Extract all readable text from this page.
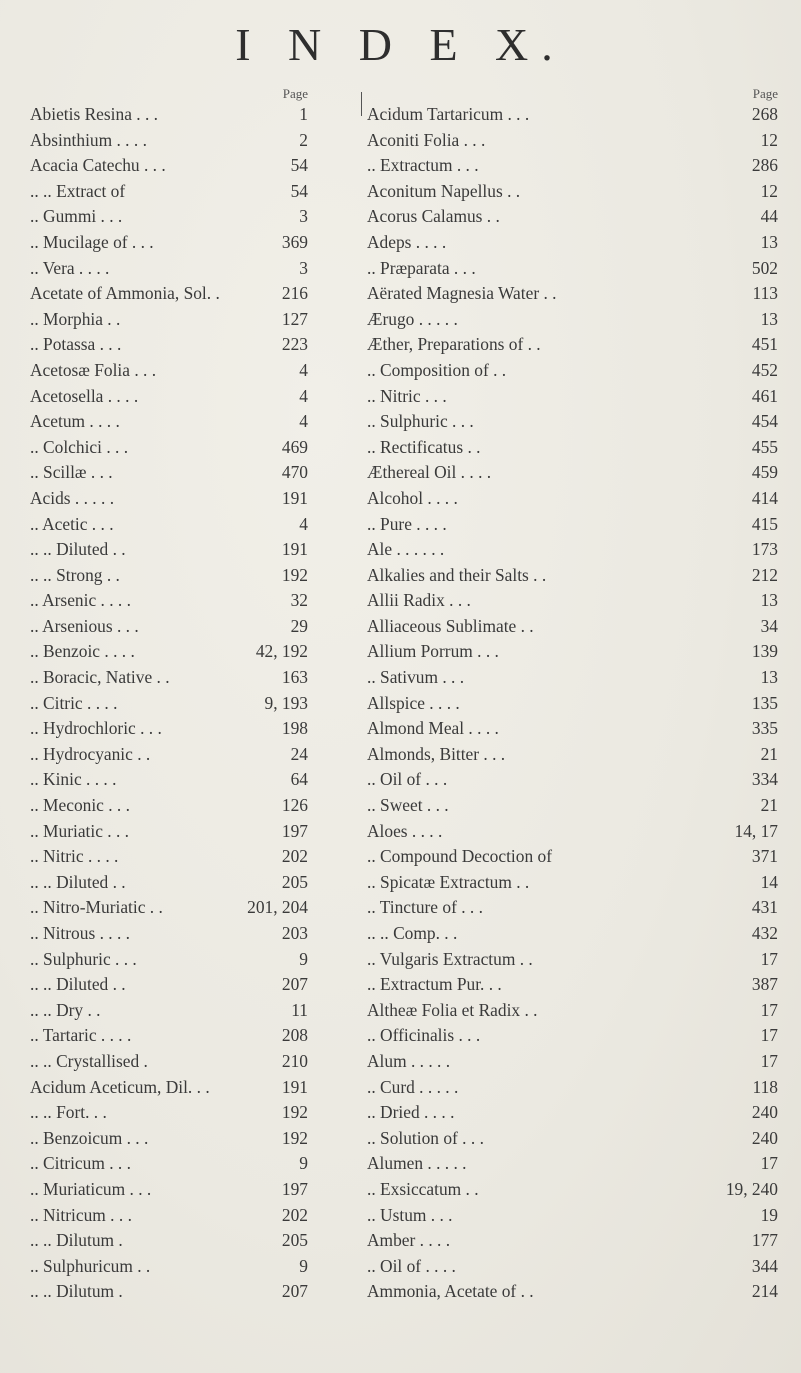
I N D E X.
Page
Abietis Resina . . .	1
Absinthium . . . .	2
Acacia Catechu . . .	54
.. .. Extract of	54
.. Gummi . . .	3
.. Mucilage of . . .	369
.. Vera . . . .	3
Acetate of Ammonia, Sol. .	216
.. Morphia . .	127
.. Potassa . . .	223
Acetosæ Folia . . .	4
Acetosella . . . .	4
Acetum . . . .	4
.. Colchici . . .	469
.. Scillæ . . .	470
Acids . . . . .	191
.. Acetic . . .	4
.. .. Diluted . .	191
.. .. Strong . .	192
.. Arsenic . . . .	32
.. Arsenious . . .	29
.. Benzoic . . . .	42, 192
.. Boracic, Native . .	163
.. Citric . . . .	9, 193
.. Hydrochloric . . .	198
.. Hydrocyanic . .	24
.. Kinic . . . .	64
.. Meconic . . .	126
.. Muriatic . . .	197
.. Nitric . . . .	202
.. .. Diluted . .	205
.. Nitro-Muriatic . .	201, 204
.. Nitrous . . . .	203
.. Sulphuric . . .	9
.. .. Diluted . .	207
.. .. Dry . .	11
.. Tartaric . . . .	208
.. .. Crystallised .	210
Acidum Aceticum, Dil. . .	191
.. .. Fort. . .	192
.. Benzoicum . . .	192
.. Citricum . . .	9
.. Muriaticum . . .	197
.. Nitricum . . .	202
.. .. Dilutum .	205
.. Sulphuricum . .	9
.. .. Dilutum .	207
Page
Acidum Tartaricum . . .	268
Aconiti Folia . . .	12
.. Extractum . . .	286
Aconitum Napellus . .	12
Acorus Calamus . .	44
Adeps . . . .	13
.. Præparata . . .	502
Aërated Magnesia Water . .	113
Ærugo . . . . .	13
Æther, Preparations of . .	451
.. Composition of . .	452
.. Nitric . . .	461
.. Sulphuric . . .	454
.. Rectificatus . .	455
Æthereal Oil . . . .	459
Alcohol . . . .	414
.. Pure . . . .	415
Ale . . . . . .	173
Alkalies and their Salts . .	212
Allii Radix . . .	13
Alliaceous Sublimate . .	34
Allium Porrum . . .	139
.. Sativum . . .	13
Allspice . . . .	135
Almond Meal . . . .	335
Almonds, Bitter . . .	21
.. Oil of . . .	334
.. Sweet . . .	21
Aloes . . . .	14, 17
.. Compound Decoction of	371
.. Spicatæ Extractum . .	14
.. Tincture of . . .	431
.. .. Comp. . .	432
.. Vulgaris Extractum . .	17
.. Extractum Pur. . .	387
Altheæ Folia et Radix . .	17
.. Officinalis . . .	17
Alum . . . . .	17
.. Curd . . . . .	118
.. Dried . . . .	240
.. Solution of . . .	240
Alumen . . . . .	17
.. Exsiccatum . .	19, 240
.. Ustum . . .	19
Amber . . . .	177
.. Oil of . . . .	344
Ammonia, Acetate of . .	214
